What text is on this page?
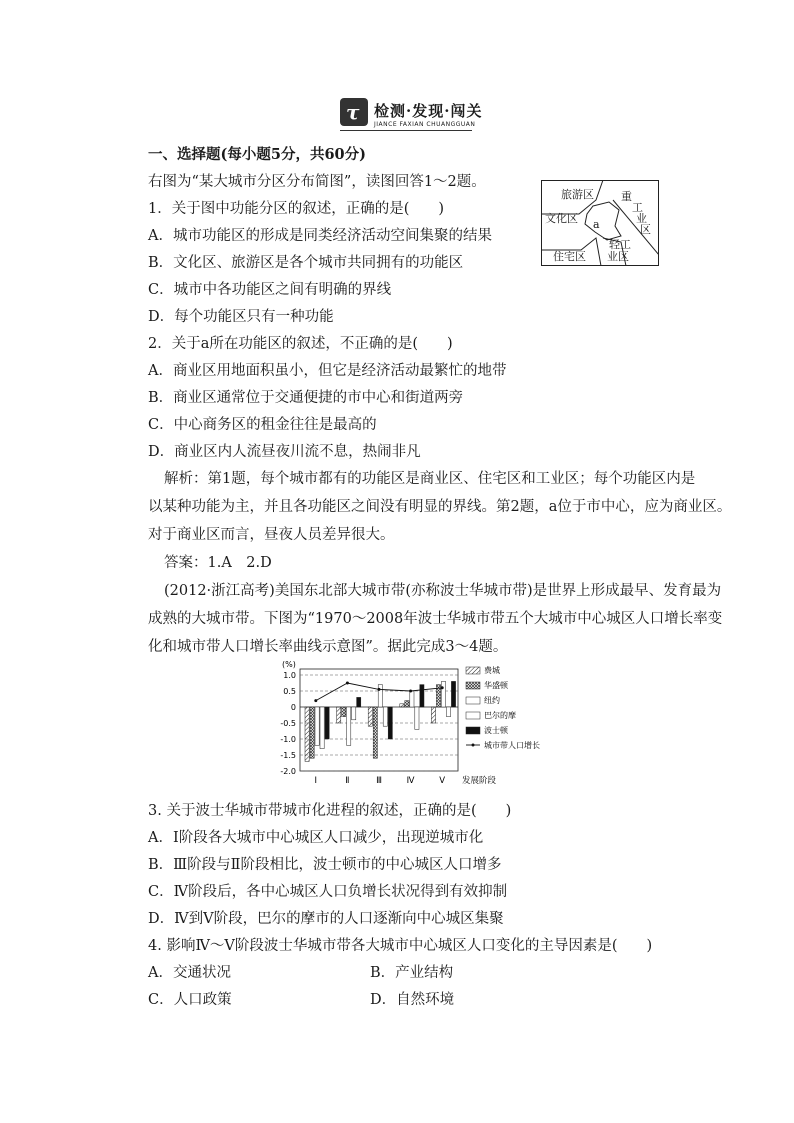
τ 检测·发现·闯关
JIANCE FAXIAN CHUANGGUAN
一、选择题(每小题5分，共60分)
右图为“某大城市分区分布简图”，读图回答1～2题。
旅游区
文化区 a
重
工
业
区
轻工
业区
住宅区
1．关于图中功能分区的叙述，正确的是(　　)
A．城市功能区的形成是同类经济活动空间集聚的结果
B．文化区、旅游区是各个城市共同拥有的功能区
C．城市中各功能区之间有明确的界线
D．每个功能区只有一种功能
2．关于a所在功能区的叙述，不正确的是(　　)
A．商业区用地面积虽小，但它是经济活动最繁忙的地带
B．商业区通常位于交通便捷的市中心和街道两旁
C．中心商务区的租金往往是最高的
D．商业区内人流昼夜川流不息，热闹非凡
解析：第1题，每个城市都有的功能区是商业区、住宅区和工业区；每个功能区内是
以某种功能为主，并且各功能区之间没有明显的界线。第2题，a位于市中心，应为商业区。
对于商业区而言，昼夜人员差异很大。
答案：1.A　2.D
(2012·浙江高考)美国东北部大城市带(亦称波士华城市带)是世界上形成最早、发育最为
成熟的大城市带。下图为“1970～2008年波士华城市带五个大城市中心城区人口增长率变
化和城市带人口增长率曲线示意图”。据此完成3～4题。
(%)
1.0
0.5
0
-0.5
-1.0
-1.5
-2.0
Ⅰ	Ⅱ	Ⅲ	Ⅳ	Ⅴ 发展阶段
费城
华盛顿
纽约
巴尔的摩
波士顿
城市带人口增长
3. 关于波士华城市带城市化进程的叙述，正确的是(　　)
A．Ⅰ阶段各大城市中心城区人口减少，出现逆城市化
B．Ⅲ阶段与Ⅱ阶段相比，波士顿市的中心城区人口增多
C．Ⅳ阶段后，各中心城区人口负增长状况得到有效抑制
D．Ⅳ到Ⅴ阶段，巴尔的摩市的人口逐渐向中心城区集聚
4. 影响Ⅳ～Ⅴ阶段波士华城市带各大城市中心城区人口变化的主导因素是(　　)
A．交通状况	B．产业结构
C．人口政策	D．自然环境
